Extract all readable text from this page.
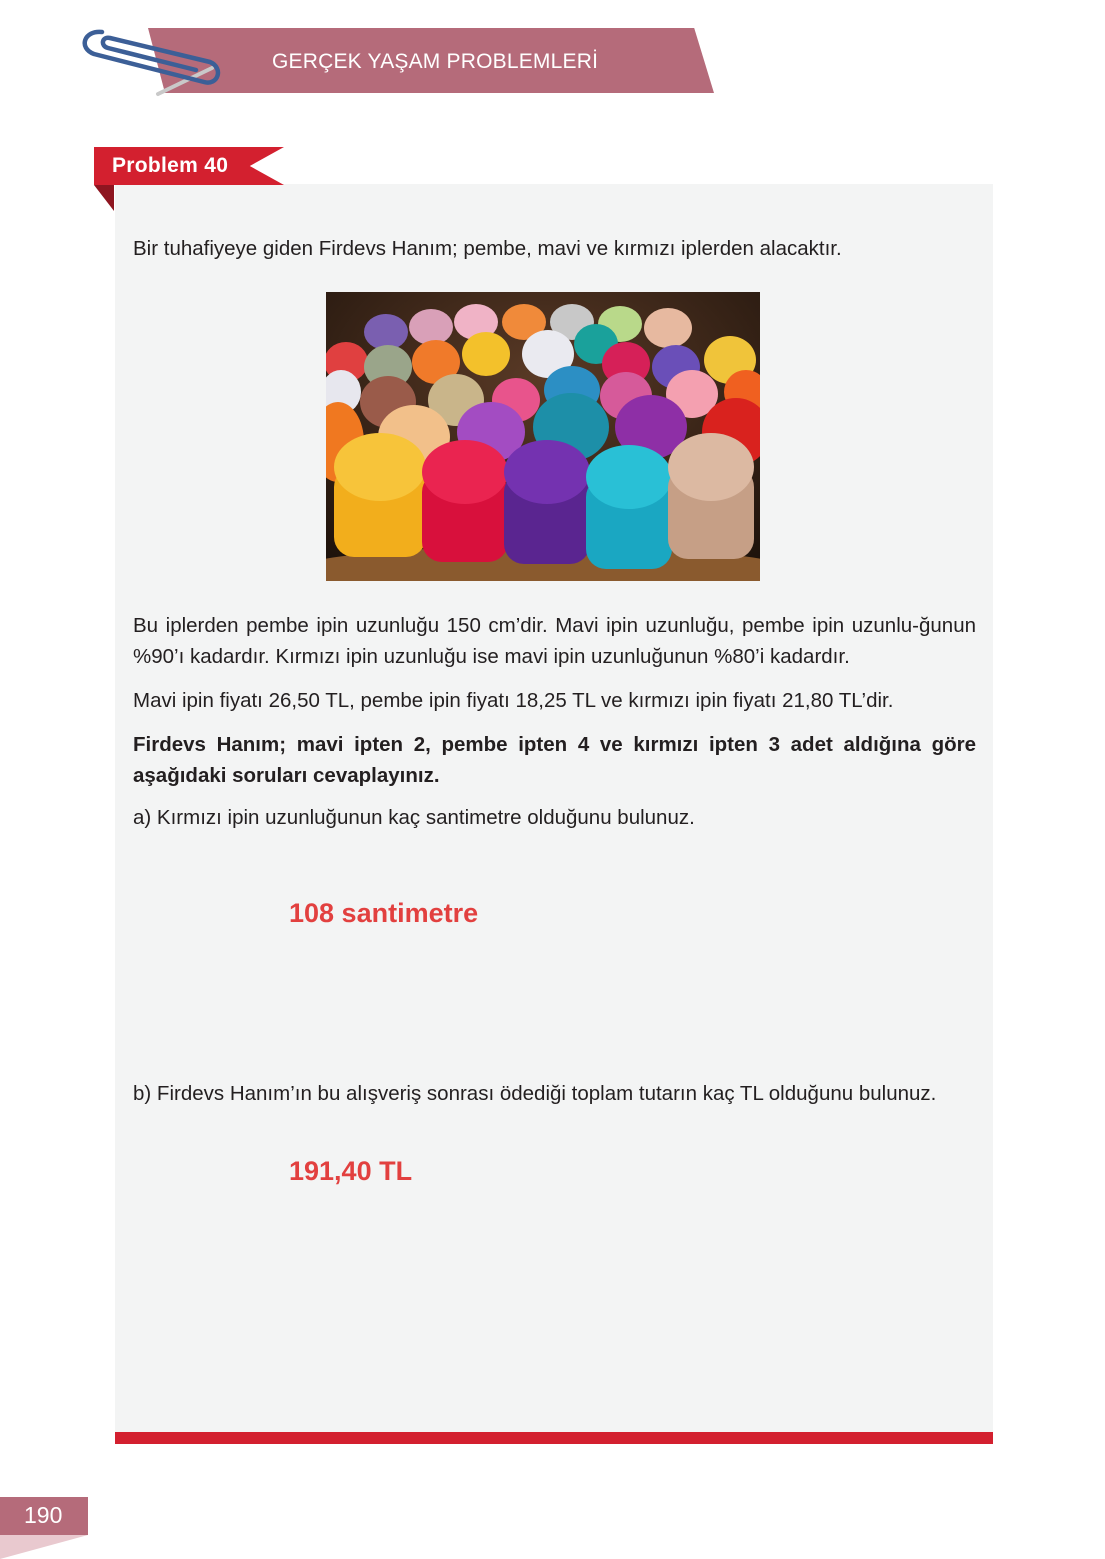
GERÇEK YAŞAM PROBLEMLERİ
Problem 40

Bir tuhafiyeye giden Firdevs Hanım; pembe, mavi ve kırmızı iplerden alacaktır.

Bu iplerden pembe ipin uzunluğu 150 cm’dir. Mavi ipin uzunluğu, pembe ipin uzunlu-ğunun %90’ı kadardır. Kırmızı ipin uzunluğu ise mavi ipin uzunluğunun %80’i kadardır.

Mavi ipin fiyatı 26,50 TL, pembe ipin fiyatı 18,25 TL ve kırmızı ipin fiyatı 21,80 TL’dir.

Firdevs Hanım; mavi ipten 2, pembe ipten 4 ve kırmızı ipten 3 adet aldığına göre aşağıdaki soruları cevaplayınız.

a) Kırmızı ipin uzunluğunun kaç santimetre olduğunu bulunuz.

108 santimetre

b) Firdevs Hanım’ın bu alışveriş sonrası ödediği toplam tutarın kaç TL olduğunu bulunuz.

191,40 TL
190
